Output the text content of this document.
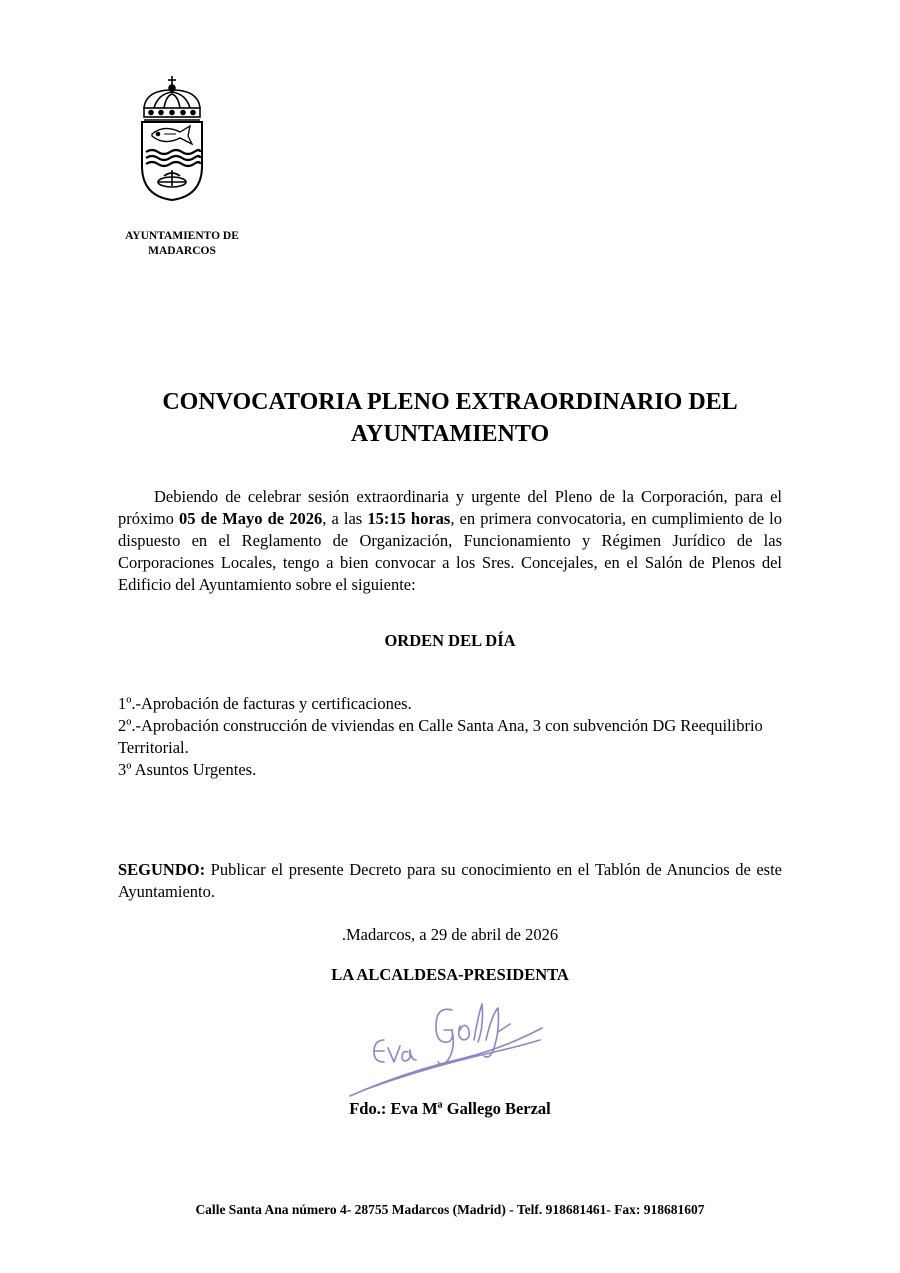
AYUNTAMIENTO DE
MADARCOS
CONVOCATORIA PLENO EXTRAORDINARIO DEL
AYUNTAMIENTO

Debiendo de celebrar sesión extraordinaria y urgente del Pleno de la Corporación, para el próximo 05 de Mayo de 2026, a las 15:15 horas, en primera convocatoria, en cumplimiento de lo dispuesto en el Reglamento de Organización, Funcionamiento y Régimen Jurídico de las Corporaciones Locales, tengo a bien convocar a los Sres. Concejales, en el Salón de Plenos del Edificio del Ayuntamiento sobre el siguiente:

ORDEN DEL DÍA
1º.-Aprobación de facturas y certificaciones.
2º.-Aprobación construcción de viviendas en Calle Santa Ana, 3 con subvención DG Reequilibrio Territorial.
3º Asuntos Urgentes.

SEGUNDO: Publicar el presente Decreto para su conocimiento en el Tablón de Anuncios de este Ayuntamiento.

.Madarcos, a 29 de abril de 2026
LA ALCALDESA-PRESIDENTA
Fdo.: Eva Mª Gallego Berzal
Calle Santa Ana número 4- 28755 Madarcos (Madrid) - Telf. 918681461- Fax: 918681607
